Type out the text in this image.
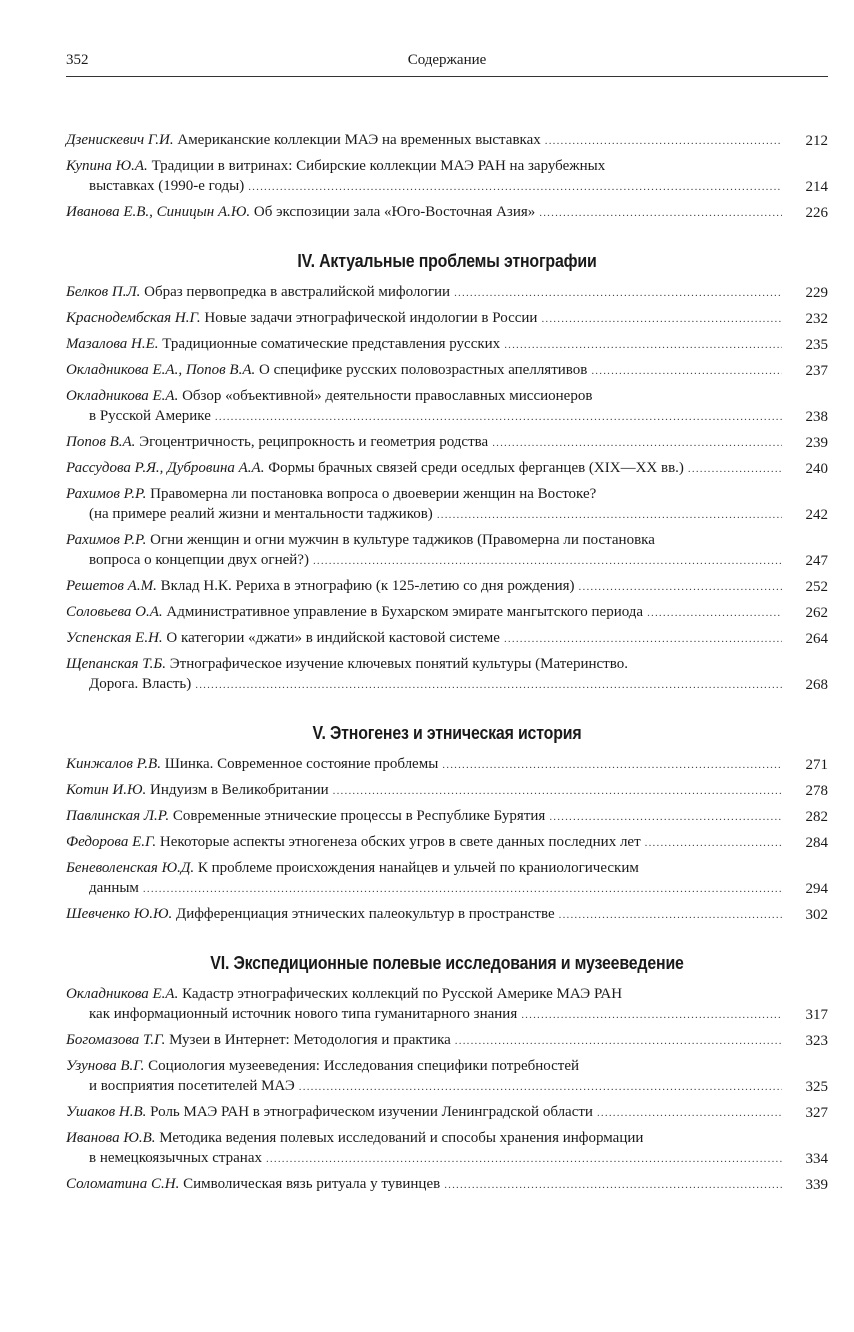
352	Содержание
Дзенискевич Г.И.
Американские коллекции МАЭ на временных выставках .....	212
Купина Ю.А.
Традиции в витринах: Сибирские коллекции МАЭ РАН на зарубежных
выставках (1990-е годы) .....	214
Иванова Е.В., Синицын А.Ю.
Об экспозиции зала «Юго-Восточная Азия» .....	226
IV. Актуальные проблемы этнографии
Белков П.Л.
Образ первопредка в австралийской мифологии .....	229
Краснодембская Н.Г.
Новые задачи этнографической индологии в России .....	232
Мазалова Н.Е.
Традиционные соматические представления русских .....	235
Окладникова Е.А., Попов В.А.
О специфике русских половозрастных апеллятивов .....	237
Окладникова Е.А.
Обзор «объективной» деятельности православных миссионеров
в Русской Америке .....	238
Попов В.А.
Эгоцентричность, реципрокность и геометрия родства .....	239
Рассудова Р.Я., Дубровина А.А.
Формы брачных связей среди оседлых ферганцев (XIX—XX вв.) .....	240
Рахимов Р.Р.
Правомерна ли постановка вопроса о двоеверии женщин на Востоке?
(на примере реалий жизни и ментальности таджиков) .....	242
Рахимов Р.Р.
Огни женщин и огни мужчин в культуре таджиков (Правомерна ли постановка
вопроса о концепции двух огней?) .....	247
Решетов А.М.
Вклад Н.К. Рериха в этнографию (к 125-летию со дня рождения) .....	252
Соловьева О.А.
Административное управление в Бухарском эмирате мангытского периода .....	262
Успенская Е.Н.
О категории «джати» в индийской кастовой системе .....	264
Щепанская Т.Б.
Этнографическое изучение ключевых понятий культуры (Материнство.
Дорога. Власть) .....	268
V. Этногенез и этническая история
Кинжалов Р.В.
Шинка. Современное состояние проблемы .....	271
Котин И.Ю.
Индуизм в Великобритании .....	278
Павлинская Л.Р.
Современные этнические процессы в Республике Бурятия .....	282
Федорова Е.Г.
Некоторые аспекты этногенеза обских угров в свете данных последних лет .....	284
Беневоленская Ю.Д.
К проблеме происхождения нанайцев и ульчей по краниологическим
данным .....	294
Шевченко Ю.Ю.
Дифференциация этнических палеокультур в пространстве .....	302
VI. Экспедиционные полевые исследования и музееведение
Окладникова Е.А.
Кадастр этнографических коллекций по Русской Америке МАЭ РАН
как информационный источник нового типа гуманитарного знания .....	317
Богомазова Т.Г.
Музеи в Интернет: Методология и практика .....	323
Узунова В.Г.
Социология музееведения: Исследования специфики потребностей
и восприятия посетителей МАЭ .....	325
Ушаков Н.В.
Роль МАЭ РАН в этнографическом изучении Ленинградской области .....	327
Иванова Ю.В.
Методика ведения полевых исследований и способы хранения информации
в немецкоязычных странах .....	334
Соломатина С.Н.
Символическая вязь ритуала у тувинцев .....	339
